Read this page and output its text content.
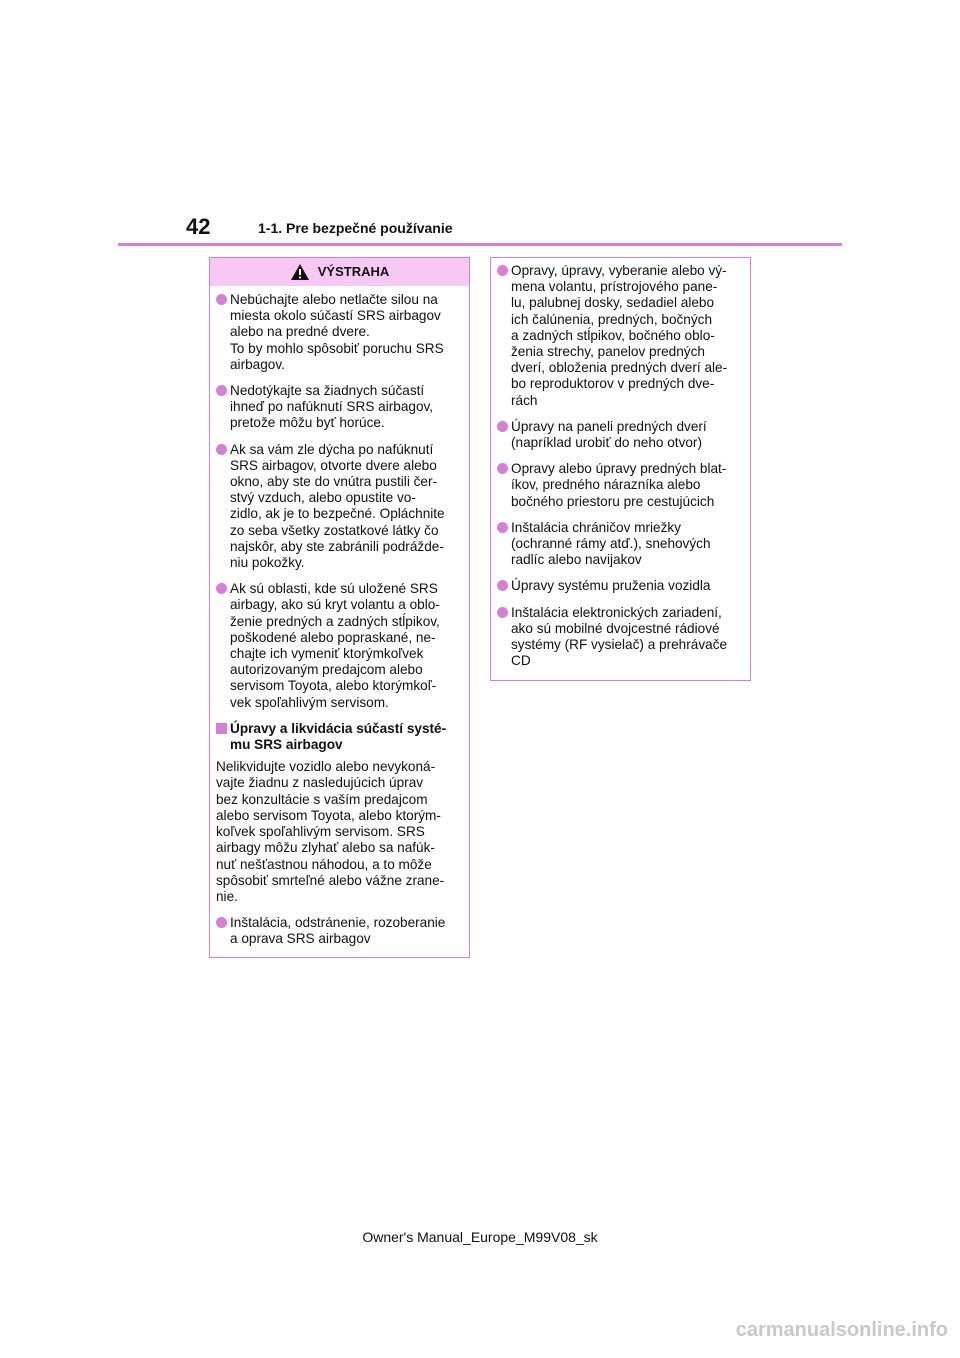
42	1-1. Pre bezpečné používanie
VÝSTRAHA
Nebúchajte alebo netlačte silou na
miesta okolo súčastí SRS airbagov
alebo na predné dvere.
To by mohlo spôsobiť poruchu SRS
airbagov.
Nedotýkajte sa žiadnych súčastí
ihneď po nafúknutí SRS airbagov,
pretože môžu byť horúce.
Ak sa vám zle dýcha po nafúknutí
SRS airbagov, otvorte dvere alebo
okno, aby ste do vnútra pustili čer-
stvý vzduch, alebo opustite vo-
zidlo, ak je to bezpečné. Opláchnite
zo seba všetky zostatkové látky čo
najskôr, aby ste zabránili podrážde-
niu pokožky.
Ak sú oblasti, kde sú uložené SRS
airbagy, ako sú kryt volantu a oblo-
ženie predných a zadných stĺpikov,
poškodené alebo popraskané, ne-
chajte ich vymeniť ktorýmkoľvek
autorizovaným predajcom alebo
servisom Toyota, alebo ktorýmkoľ-
vek spoľahlivým servisom.
Úpravy a likvidácia súčastí systé-
mu SRS airbagov
Nelikvidujte vozidlo alebo nevykoná-
vajte žiadnu z nasledujúcich úprav
bez konzultácie s vaším predajcom
alebo servisom Toyota, alebo ktorým-
koľvek spoľahlivým servisom. SRS
airbagy môžu zlyhať alebo sa nafúk-
nuť nešťastnou náhodou, a to môže
spôsobiť smrteľné alebo vážne zrane-
nie.
Inštalácia, odstránenie, rozoberanie
a oprava SRS airbagov
Opravy, úpravy, vyberanie alebo vý-
mena volantu, prístrojového pane-
lu, palubnej dosky, sedadiel alebo
ich čalúnenia, predných, bočných
a zadných stĺpikov, bočného oblo-
ženia strechy, panelov predných
dverí, obloženia predných dverí ale-
bo reproduktorov v predných dve-
rách
Úpravy na paneli predných dverí
(napríklad urobiť do neho otvor)
Opravy alebo úpravy predných blat-
íkov, predného nárazníka alebo
bočného priestoru pre cestujúcich
Inštalácia chráničov mriežky
(ochranné rámy atď.), snehových
radlíc alebo navijakov
Úpravy systému pruženia vozidla
Inštalácia elektronických zariadení,
ako sú mobilné dvojcestné rádiové
systémy (RF vysielač) a prehrávače
CD
Owner's Manual_Europe_M99V08_sk
carmanualsonline.info
